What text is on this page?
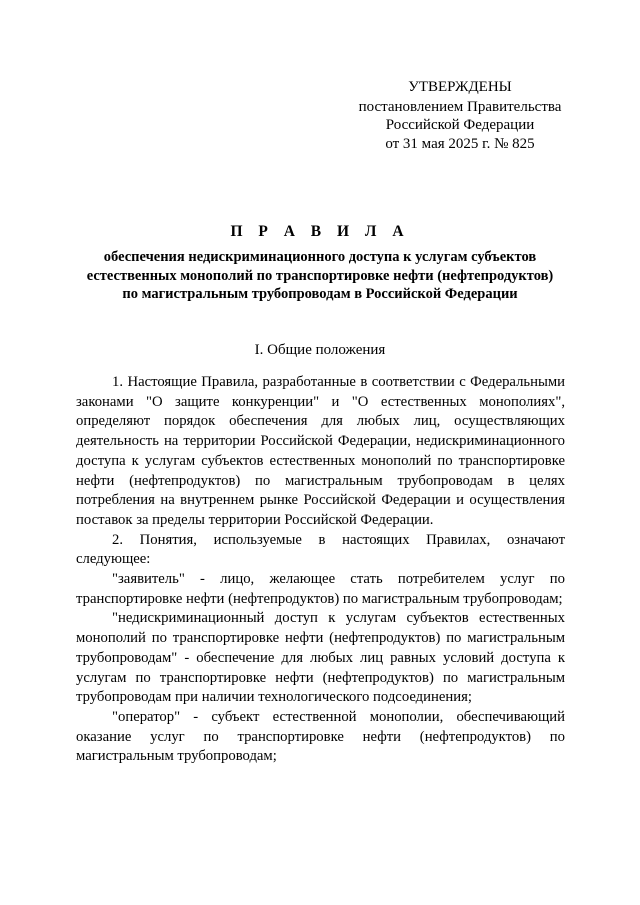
УТВЕРЖДЕНЫ
постановлением Правительства
Российской Федерации
от 31 мая 2025 г. № 825
П Р А В И Л А
обеспечения недискриминационного доступа к услугам субъектов
естественных монополий по транспортировке нефти (нефтепродуктов)
по магистральным трубопроводам в Российской Федерации
I. Общие положения

1. Настоящие Правила, разработанные в соответствии с Федеральными законами "О защите конкуренции" и "О естественных монополиях", определяют порядок обеспечения для любых лиц, осуществляющих деятельность на территории Российской Федерации, недискриминационного доступа к услугам субъектов естественных монополий по транспортировке нефти (нефтепродуктов) по магистральным трубопроводам в целях потребления на внутреннем рынке Российской Федерации и осуществления поставок за пределы территории Российской Федерации.

2. Понятия, используемые в настоящих Правилах, означают следующее:

"заявитель" - лицо, желающее стать потребителем услуг по транспортировке нефти (нефтепродуктов) по магистральным трубопроводам;

"недискриминационный доступ к услугам субъектов естественных монополий по транспортировке нефти (нефтепродуктов) по магистральным трубопроводам" - обеспечение для любых лиц равных условий доступа к услугам по транспортировке нефти (нефтепродуктов) по магистральным трубопроводам при наличии технологического подсоединения;

"оператор" - субъект естественной монополии, обеспечивающий оказание услуг по транспортировке нефти (нефтепродуктов) по магистральным трубопроводам;
